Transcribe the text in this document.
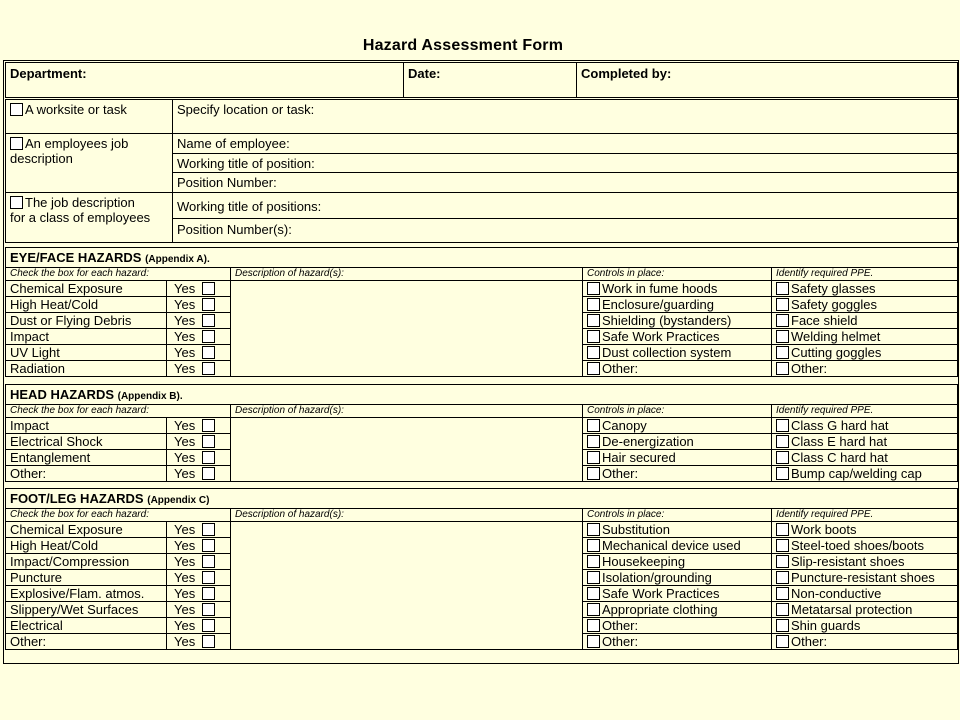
Hazard Assessment Form
Department:	Date:	Completed by:
A worksite or task	Specify location or task:
An employees job
description	Name of employee:
	Working title of position:
	Position Number:
The job description
for a class of employees	Working title of positions:
	Position Number(s):
EYE/FACE HAZARDS (Appendix A).				
Check the box for each hazard:		Description of hazard(s):	Controls in place:	Identify required PPE.
Chemical Exposure	Yes		Work in fume hoods	Safety glasses
High Heat/Cold	Yes		Enclosure/guarding	Safety goggles
Dust or Flying Debris	Yes		Shielding (bystanders)	Face shield
Impact	Yes		Safe Work Practices	Welding helmet
UV Light	Yes		Dust collection system	Cutting goggles
Radiation	Yes		Other:	Other:
HEAD HAZARDS (Appendix B).				
Check the box for each hazard:		Description of hazard(s):	Controls in place:	Identify required PPE.
Impact	Yes		Canopy	Class G hard hat
Electrical Shock	Yes		De-energization	Class E hard hat
Entanglement	Yes		Hair secured	Class C hard hat
Other:	Yes		Other:	Bump cap/welding cap
FOOT/LEG HAZARDS (Appendix C)				
Check the box for each hazard:		Description of hazard(s):	Controls in place:	Identify required PPE.
Chemical Exposure	Yes		Substitution	Work boots
High Heat/Cold	Yes		Mechanical device used	Steel-toed shoes/boots
Impact/Compression	Yes		Housekeeping	Slip-resistant shoes
Puncture	Yes		Isolation/grounding	Puncture-resistant shoes
Explosive/Flam. atmos.	Yes		Safe Work Practices	Non-conductive
Slippery/Wet Surfaces	Yes		Appropriate clothing	Metatarsal protection
Electrical	Yes		Other:	Shin guards
Other:	Yes		Other:	Other:
